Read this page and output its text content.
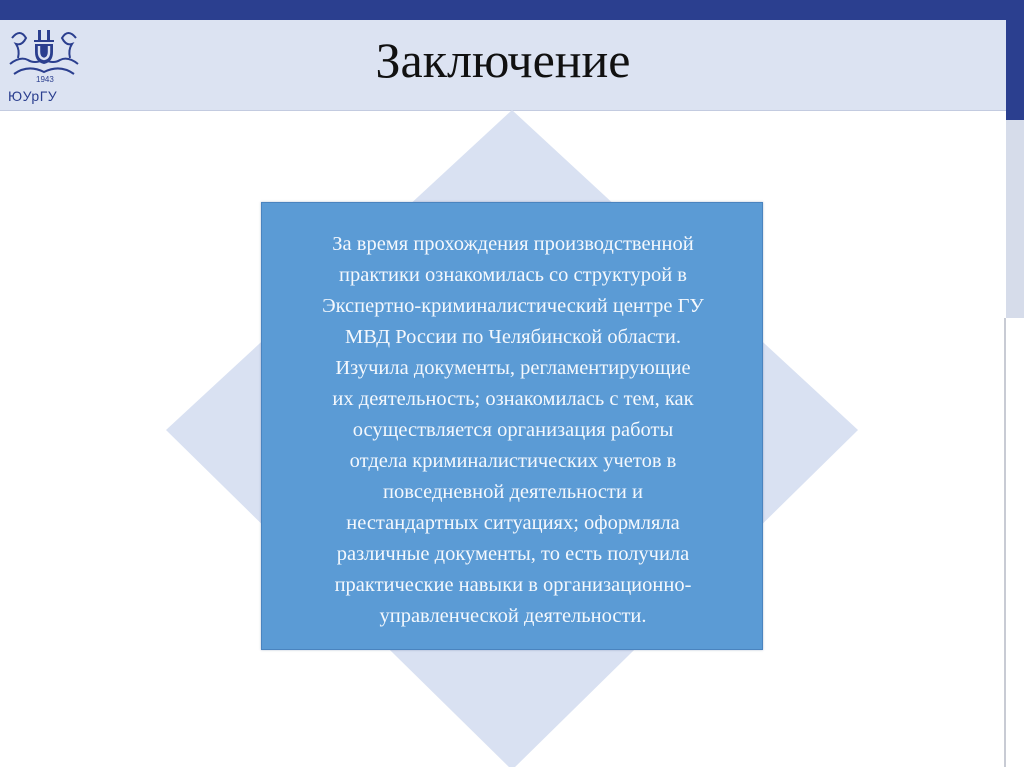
1943
ЮУрГУ
Заключение
За время прохождения производственной
практики ознакомилась со структурой в
Экспертно-криминалистический центре ГУ
МВД России по Челябинской области.
Изучила документы, регламентирующие
их деятельность; ознакомилась с тем, как
осуществляется организация работы
отдела криминалистических учетов в
повседневной деятельности и
нестандартных ситуациях; оформляла
различные документы, то есть получила
практические навыки в организационно-
управленческой деятельности.
